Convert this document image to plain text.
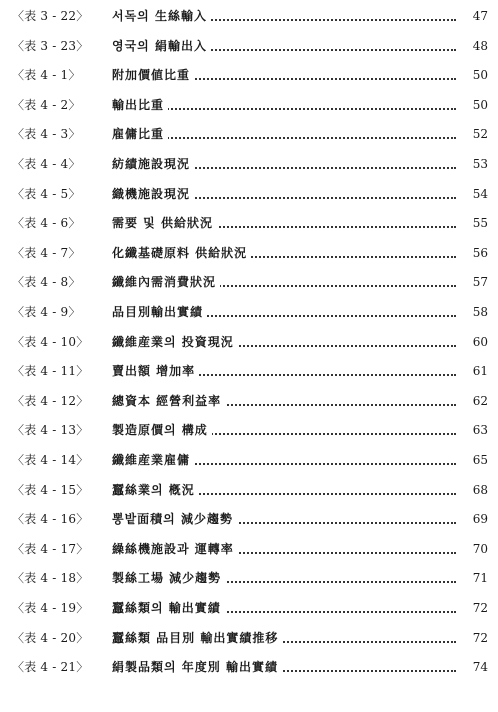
〈表 3 - 22〉	서독의 生絲輸入	47
〈表 3 - 23〉	영국의 絹輸出入	48
〈表 4 - 1〉	附加價値比重	50
〈表 4 - 2〉	輸出比重	50
〈表 4 - 3〉	雇傭比重	52
〈表 4 - 4〉	紡績施設現況	53
〈表 4 - 5〉	織機施設現況	54
〈表 4 - 6〉	需要 및 供給狀況	55
〈表 4 - 7〉	化纖基礎原料 供給狀況	56
〈表 4 - 8〉	纖維內需消費狀況	57
〈表 4 - 9〉	品目別輸出實績	58
〈表 4 - 10〉	纖維産業의 投資現況	60
〈表 4 - 11〉	賣出額 增加率	61
〈表 4 - 12〉	總資本 經營利益率	62
〈表 4 - 13〉	製造原價의 構成	63
〈表 4 - 14〉	纖維産業雇傭	65
〈表 4 - 15〉	蠶絲業의 槪況	68
〈表 4 - 16〉	뽕밭面積의 減少趨勢	69
〈表 4 - 17〉	繰絲機施設과 運轉率	70
〈表 4 - 18〉	製絲工場 減少趨勢	71
〈表 4 - 19〉	蠶絲類의 輸出實績	72
〈表 4 - 20〉	蠶絲類 品目別 輸出實績推移	72
〈表 4 - 21〉	絹製品類의 年度別 輸出實績	74
